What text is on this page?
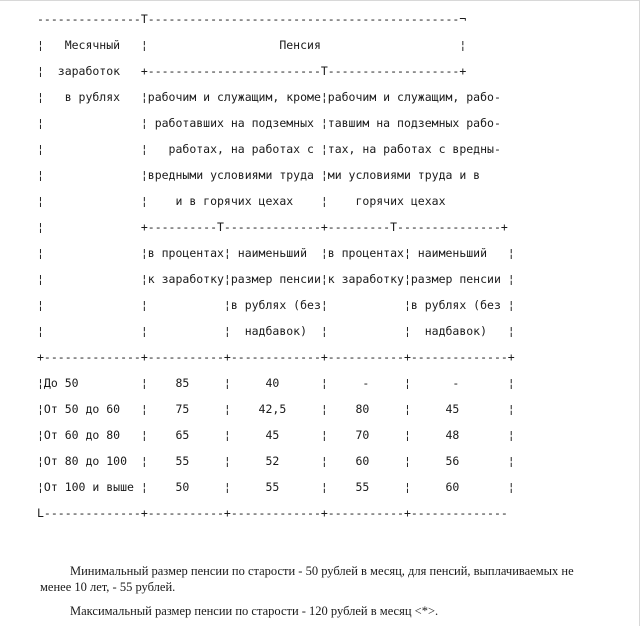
---------------T---------------------------------------------¬
¦   Месячный   ¦                   Пенсия                    ¦
¦  заработок   +-------------------------T-------------------+
¦   в рублях   ¦рабочим и служащим, кроме¦рабочим и служащим, рабо-
¦              ¦ работавших на подземных ¦тавшим на подземных рабо-
¦              ¦   работах, на работах с ¦тах, на работах с вредны-
¦              ¦вредными условиями труда ¦ми условиями труда и в
¦              ¦    и в горячих цехах    ¦    горячих цехах
¦              +----------T--------------+---------T---------------+
¦              ¦в процентах¦ наименьший  ¦в процентах¦ наименьший   ¦
¦              ¦к заработку¦размер пенсии¦к заработку¦размер пенсии ¦
¦              ¦           ¦в рублях (без¦           ¦в рублях (без ¦
¦              ¦           ¦  надбавок)  ¦           ¦  надбавок)   ¦
+--------------+-----------+-------------+-----------+--------------+
¦До 50         ¦    85     ¦     40      ¦     -     ¦      -       ¦
¦От 50 до 60   ¦    75     ¦    42,5     ¦    80     ¦     45       ¦
¦От 60 до 80   ¦    65     ¦     45      ¦    70     ¦     48       ¦
¦От 80 до 100  ¦    55     ¦     52      ¦    60     ¦     56       ¦
¦От 100 и выше ¦    50     ¦     55      ¦    55     ¦     60       ¦
L--------------+-----------+-------------+-----------+--------------

Минимальный размер пенсии по старости - 50 рублей в месяц, для пенсий, выплачиваемых не менее 10 лет, - 55 рублей.

Максимальный размер пенсии по старости - 120 рублей в месяц <*>.
